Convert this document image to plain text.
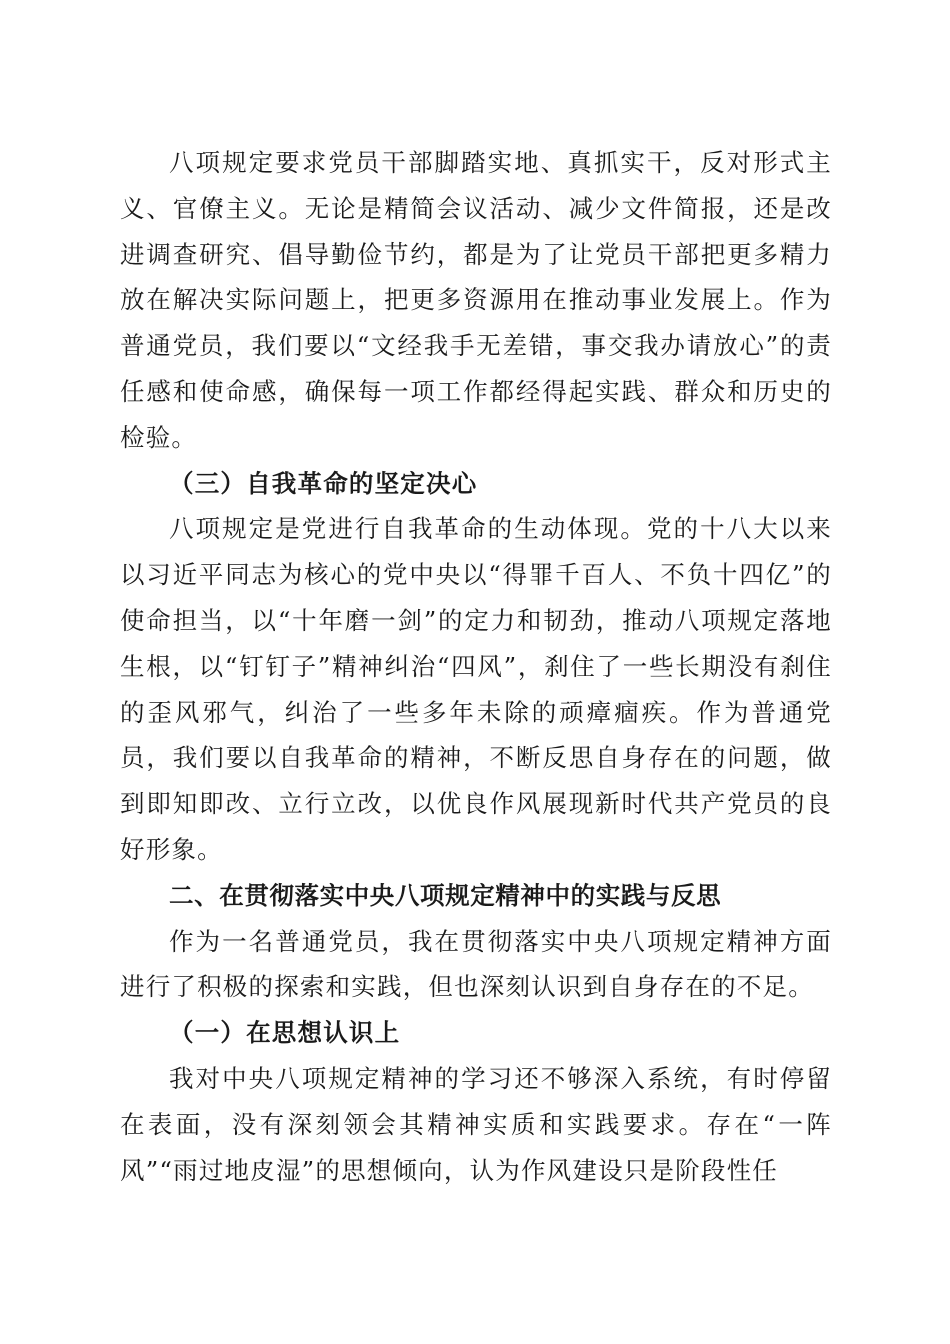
八项规定要求党员干部脚踏实地、真抓实干，反对形式主义、官僚主义。无论是精简会议活动、减少文件简报，还是改进调查研究、倡导勤俭节约，都是为了让党员干部把更多精力放在解决实际问题上，把更多资源用在推动事业发展上。作为普通党员，我们要以“文经我手无差错，事交我办请放心”的责任感和使命感，确保每一项工作都经得起实践、群众和历史的检验。

（三）自我革命的坚定决心

八项规定是党进行自我革命的生动体现。党的十八大以来以习近平同志为核心的党中央以“得罪千百人、不负十四亿”的使命担当，以“十年磨一剑”的定力和韧劲，推动八项规定落地生根，以“钉钉子”精神纠治“四风”，刹住了一些长期没有刹住的歪风邪气，纠治了一些多年未除的顽瘴痼疾。作为普通党员，我们要以自我革命的精神，不断反思自身存在的问题，做到即知即改、立行立改，以优良作风展现新时代共产党员的良好形象。

二、在贯彻落实中央八项规定精神中的实践与反思

作为一名普通党员，我在贯彻落实中央八项规定精神方面进行了积极的探索和实践，但也深刻认识到自身存在的不足。

（一）在思想认识上

我对中央八项规定精神的学习还不够深入系统，有时停留在表面，没有深刻领会其精神实质和实践要求。存在“一阵风”“雨过地皮湿”的思想倾向，认为作风建设只是阶段性任
